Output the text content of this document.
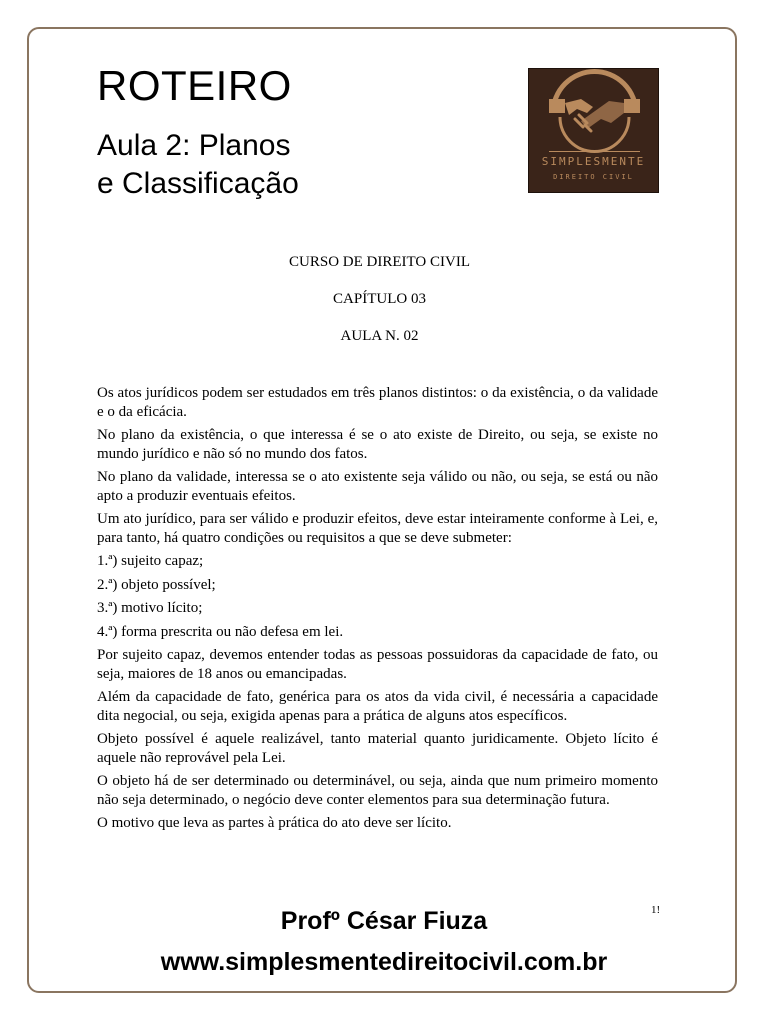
ROTEIRO
Aula 2: Planos
e Classificação
SIMPLESMENTE
DIREITO CIVIL
CURSO DE DIREITO CIVIL
CAPÍTULO 03
AULA N. 02

Os atos jurídicos podem ser estudados em três planos distintos: o da existência, o da validade e o da eficácia.

No plano da existência, o que interessa é se o ato existe de Direito, ou seja, se existe no mundo jurídico e não só no mundo dos fatos.

No plano da validade, interessa se o ato existente seja válido ou não, ou seja, se está ou não apto a produzir eventuais efeitos.

Um ato jurídico, para ser válido e produzir efeitos, deve estar inteiramente conforme à Lei, e, para tanto, há quatro condições ou requisitos a que se deve submeter:

1.ª) sujeito capaz;

2.ª) objeto possível;

3.ª) motivo lícito;

4.ª) forma prescrita ou não defesa em lei.

Por sujeito capaz, devemos entender todas as pessoas possuidoras da capacidade de fato, ou seja, maiores de 18 anos ou emancipadas.

Além da capacidade de fato, genérica para os atos da vida civil, é necessária a capacidade dita negocial, ou seja, exigida apenas para a prática de alguns atos específicos.

Objeto possível é aquele realizável, tanto material quanto juridicamente. Objeto lícito é aquele não reprovável pela Lei.

O objeto há de ser determinado ou determinável, ou seja, ainda que num primeiro momento não seja determinado, o negócio deve conter elementos para sua determinação futura.

O motivo que leva as partes à prática do ato deve ser lícito.

1!
Profº César Fiuza
www.simplesmentedireitocivil.com.br
